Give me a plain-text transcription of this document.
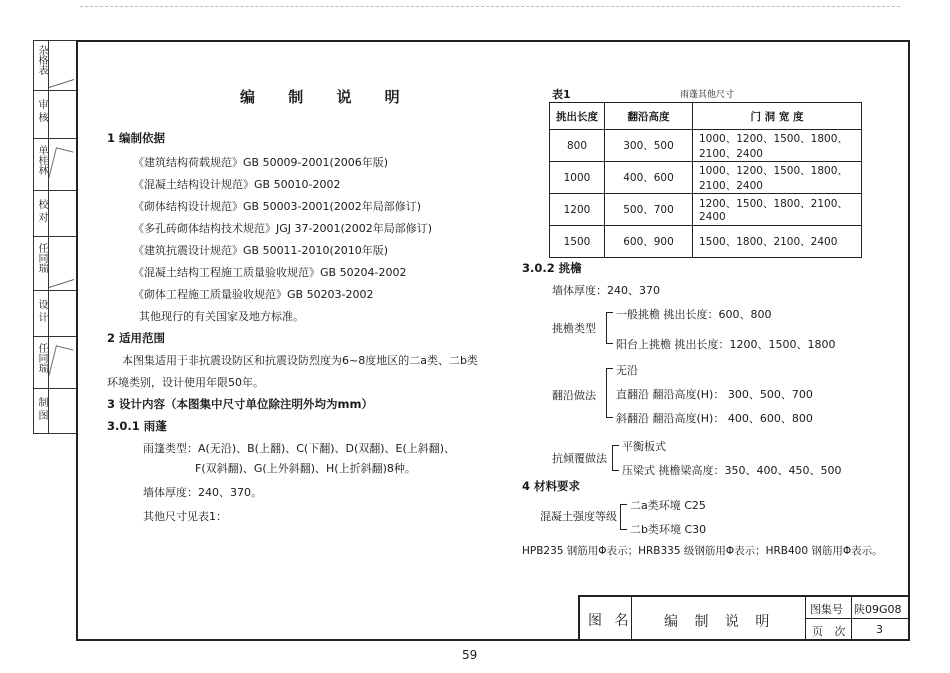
杂格表
审 核
单桂林
校 对
任同瑞
设 计
任同瑞
制 图
编 制 说 明
1 编制依据
《建筑结构荷载规范》GB 50009-2001(2006年版)
《混凝土结构设计规范》GB 50010-2002
《砌体结构设计规范》GB 50003-2001(2002年局部修订)
《多孔砖砌体结构技术规范》JGJ 37-2001(2002年局部修订)
《建筑抗震设计规范》GB 50011-2010(2010年版)
《混凝土结构工程施工质量验收规范》GB 50204-2002
《砌体工程施工质量验收规范》GB 50203-2002
其他现行的有关国家及地方标准。
2 适用范围
本图集适用于非抗震设防区和抗震设防烈度为6~8度地区的二a类、二b类
环境类别，设计使用年限50年。
3 设计内容（本图集中尺寸单位除注明外均为mm）
3.0.1 雨蓬
雨篷类型：A(无沿)、B(上翻)、C(下翻)、D(双翻)、E(上斜翻)、
F(双斜翻)、G(上外斜翻)、H(上折斜翻)8种。
墙体厚度：240、370。
其他尺寸见表1：
表1	雨蓬其他尺寸
挑出长度	翻沿高度	门 洞 宽 度
800	300、500	1000、1200、1500、1800、2100、2400
1000	400、600	1000、1200、1500、1800、2100、2400
1200	500、700	1200、1500、1800、2100、2400
1500	600、900	1500、1800、2100、2400
3.0.2 挑檐
墙体厚度：240、370
挑檐类型
一般挑檐 挑出长度：600、800
阳台上挑檐 挑出长度：1200、1500、1800
翻沿做法
无沿
直翻沿 翻沿高度(H)： 300、500、700
斜翻沿 翻沿高度(H)： 400、600、800
抗倾覆做法
平衡板式
压梁式 挑檐梁高度：350、400、450、500
4 材料要求
混凝土强度等级
二a类环境 C25
二b类环境 C30
HPB235 钢筋用Φ表示；HRB335 级钢筋用Φ表示；HRB400 钢筋用Φ表示。
图 名 编 制 说 明
图集号 陕09G08
页 次 3
59
